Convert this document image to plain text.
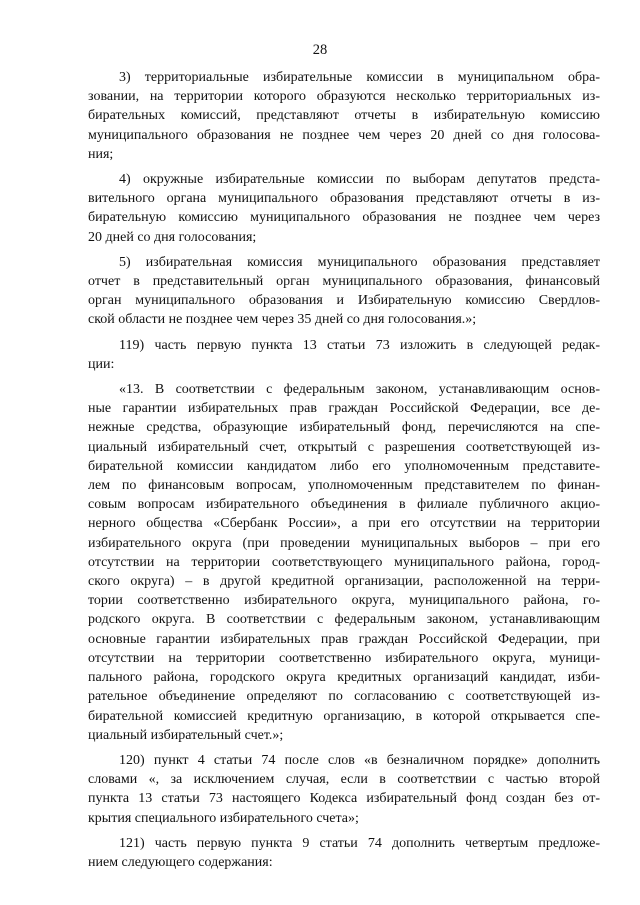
28
3) территориальные избирательные комиссии в муниципальном обра-
зовании, на территории которого образуются несколько территориальных из-
бирательных комиссий, представляют отчеты в избирательную комиссию
муниципального образования не позднее чем через 20 дней со дня голосова-
ния;
4) окружные избирательные комиссии по выборам депутатов предста-
вительного органа муниципального образования представляют отчеты в из-
бирательную комиссию муниципального образования не позднее чем через
20 дней со дня голосования;
5) избирательная комиссия муниципального образования представляет
отчет в представительный орган муниципального образования, финансовый
орган муниципального образования и Избирательную комиссию Свердлов-
ской области не позднее чем через 35 дней со дня голосования.»;
119) часть первую пункта 13 статьи 73 изложить в следующей редак-
ции:
«13. В соответствии с федеральным законом, устанавливающим основ-
ные гарантии избирательных прав граждан Российской Федерации, все де-
нежные средства, образующие избирательный фонд, перечисляются на спе-
циальный избирательный счет, открытый с разрешения соответствующей из-
бирательной комиссии кандидатом либо его уполномоченным представите-
лем по финансовым вопросам, уполномоченным представителем по финан-
совым вопросам избирательного объединения в филиале публичного акцио-
нерного общества «Сбербанк России», а при его отсутствии на территории
избирательного округа (при проведении муниципальных выборов – при его
отсутствии на территории соответствующего муниципального района, город-
ского округа) – в другой кредитной организации, расположенной на терри-
тории соответственно избирательного округа, муниципального района, го-
родского округа. В соответствии с федеральным законом, устанавливающим
основные гарантии избирательных прав граждан Российской Федерации, при
отсутствии на территории соответственно избирательного округа, муници-
пального района, городского округа кредитных организаций кандидат, изби-
рательное объединение определяют по согласованию с соответствующей из-
бирательной комиссией кредитную организацию, в которой открывается спе-
циальный избирательный счет.»;
120) пункт 4 статьи 74 после слов «в безналичном порядке» дополнить
словами «, за исключением случая, если в соответствии с частью второй
пункта 13 статьи 73 настоящего Кодекса избирательный фонд создан без от-
крытия специального избирательного счета»;
121) часть первую пункта 9 статьи 74 дополнить четвертым предложе-
нием следующего содержания:
